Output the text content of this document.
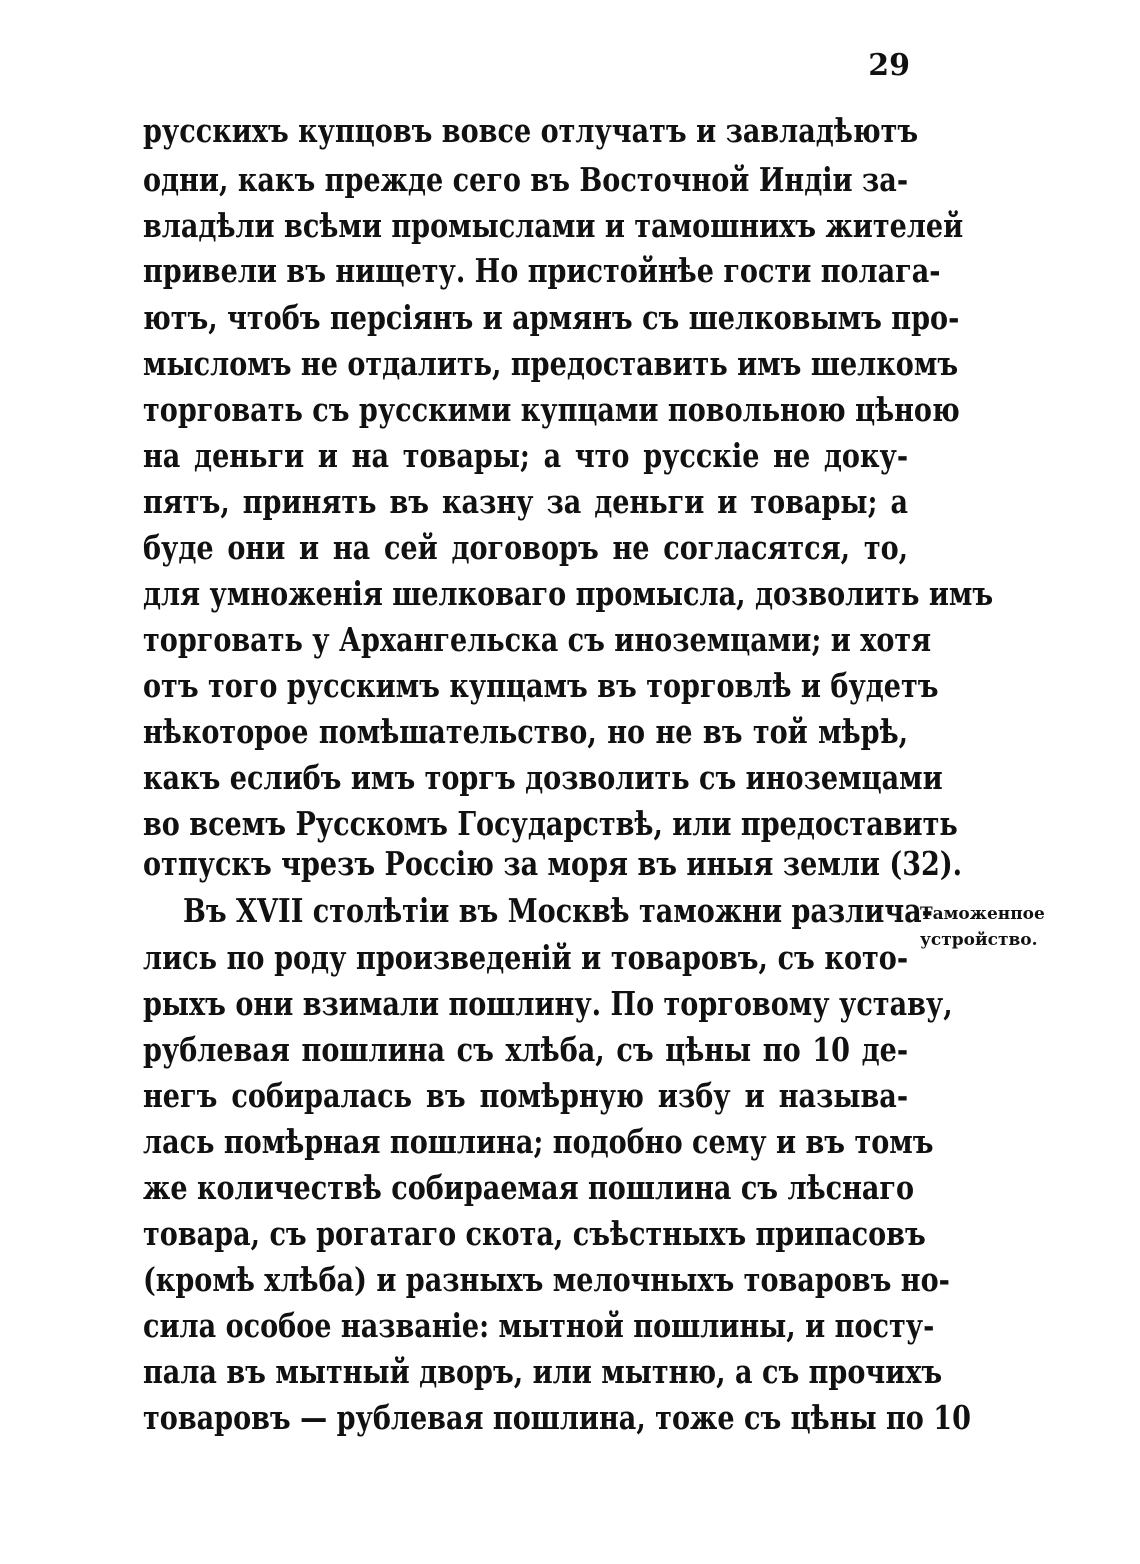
29
русскихъ купцовъ вовсе отлучатъ и завладѣютъ
одни, какъ прежде сего въ Восточной Индіи за-
владѣли всѣми промыслами и тамошнихъ жителей
привели въ нищету. Но пристойнѣе гости полага-
ютъ, чтобъ персіянъ и армянъ съ шелковымъ про-
мысломъ не отдалить, предоставить имъ шелкомъ
торговать съ русскими купцами повольною цѣною
на деньги и на товары; а что русскіе не доку-
пятъ, принять въ казну за деньги и товары; а
буде они и на сей договоръ не согласятся, то,
для умноженія шелковаго промысла, дозволить имъ
торговать у Архангельска съ иноземцами; и хотя
отъ того русскимъ купцамъ въ торговлѣ и будетъ
нѣкоторое помѣшательство, но не въ той мѣрѣ,
какъ еслибъ имъ торгъ дозволить съ иноземцами
во всемъ Русскомъ Государствѣ, или предоставить
отпускъ чрезъ Россію за моря въ иныя земли (32).
Въ XVII столѣтіи въ Москвѣ таможни различа-
лись по роду произведеній и товаровъ, съ кото-
рыхъ они взимали пошлину. По торговому уставу,
рублевая пошлина съ хлѣба, съ цѣны по 10 де-
негъ собиралась въ помѣрную избу и называ-
лась помѣрная пошлина; подобно сему и въ томъ
же количествѣ собираемая пошлина съ лѣснаго
товара, съ рогатаго скота, съѣстныхъ припасовъ
(кромѣ хлѣба) и разныхъ мелочныхъ товаровъ но-
сила особое названіе: мытной пошлины, и посту-
пала въ мытный дворъ, или мытню, а съ прочихъ
товаровъ — рублевая пошлина, тоже съ цѣны по 10
Таможенпое
устройство.
